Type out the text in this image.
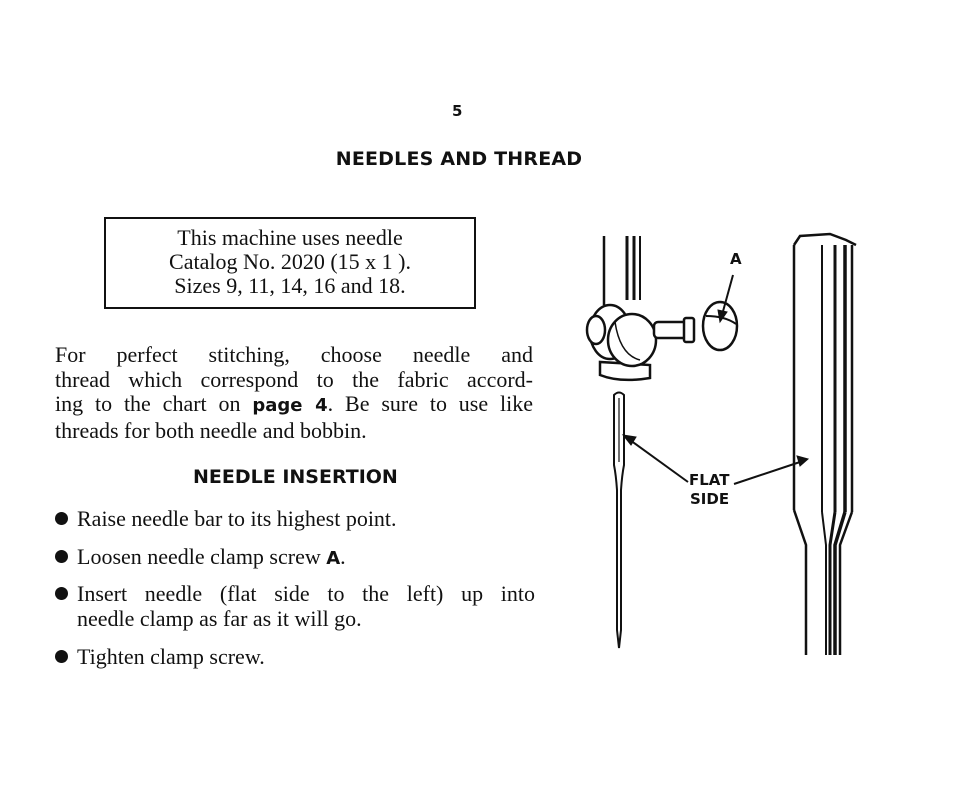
5
NEEDLES AND THREAD
This machine uses needle
Catalog No. 2020 (15 x 1 ).
Sizes 9, 11, 14, 16 and 18.
For perfect stitching, choose needle and
thread which correspond to the fabric accord-
ing to the chart on page 4. Be sure to use like
threads for both needle and bobbin.
NEEDLE INSERTION
Raise needle bar to its highest point.
Loosen needle clamp screw A.
Insert needle (flat side to the left) up into
needle clamp as far as it will go.
Tighten clamp screw.
A
FLAT
SIDE
